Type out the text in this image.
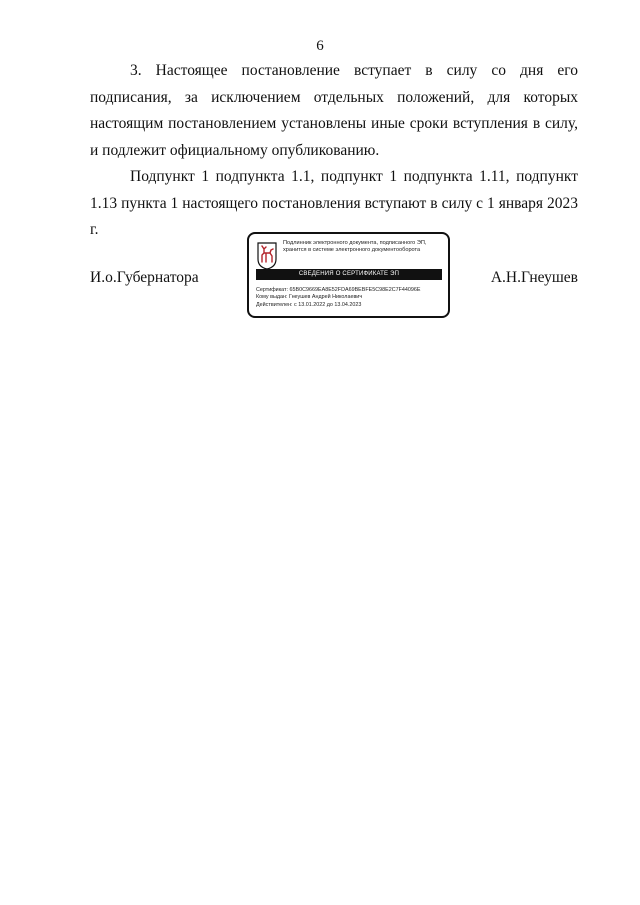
6

3. Настоящее постановление вступает в силу со дня его подписания, за исключением отдельных положений, для которых настоящим постановлением установлены иные сроки вступления в силу, и подлежит официальному опубликованию.

Подпункт 1 подпункта 1.1, подпункт 1 подпункта 1.11, подпункт 1.13 пункта 1 настоящего постановления вступают в силу с 1 января 2023 г.

И.о.Губернатора
Подлинник электронного документа, подписанного ЭП,
хранится в системе электронного документооборота
СВЕДЕНИЯ О СЕРТИФИКАТЕ ЭП
Сертификат: 65B0C9669EA8E52FDA69BEBFE5C98E2C7F44096E
Кому выдан: Гнеушев Андрей Николаевич
Действителен: с 13.01.2022 до 13.04.2023
А.Н.Гнеушев
